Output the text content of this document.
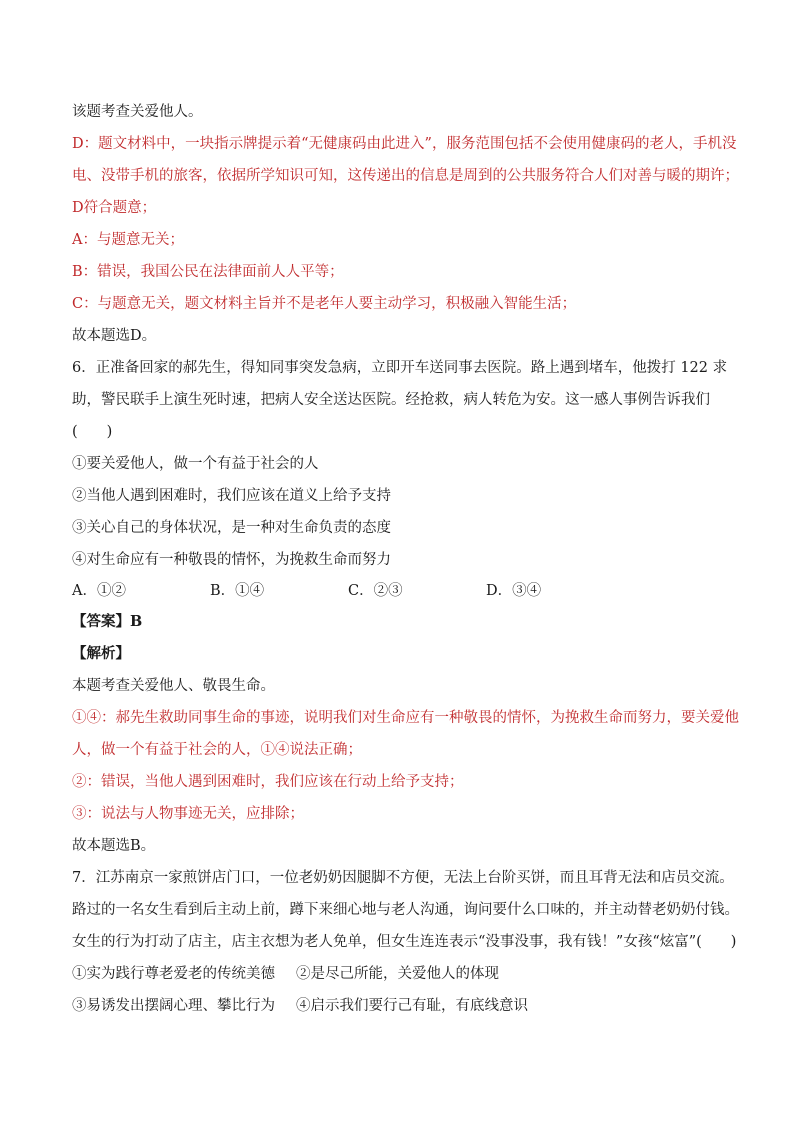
该题考查关爱他人。
D：题文材料中，一块指示牌提示着“无健康码由此进入”，服务范围包括不会使用健康码的老人，手机没
电、没带手机的旅客，依据所学知识可知，这传递出的信息是周到的公共服务符合人们对善与暖的期许；
D符合题意；
A：与题意无关；
B：错误，我国公民在法律面前人人平等；
C：与题意无关，题文材料主旨并不是老年人要主动学习，积极融入智能生活；
故本题选D。
6．正准备回家的郝先生，得知同事突发急病，立即开车送同事去医院。路上遇到堵车，他拨打 122 求
助，警民联手上演生死时速，把病人安全送达医院。经抢救，病人转危为安。这一感人事例告诉我们
(　　)
①要关爱他人，做一个有益于社会的人
②当他人遇到困难时，我们应该在道义上给予支持
③关心自己的身体状况，是一种对生命负责的态度
④对生命应有一种敬畏的情怀，为挽救生命而努力
A．①②	B．①④	C．②③	D．③④
【答案】B
【解析】
本题考查关爱他人、敬畏生命。
①④：郝先生救助同事生命的事迹，说明我们对生命应有一种敬畏的情怀，为挽救生命而努力，要关爱他
人，做一个有益于社会的人，①④说法正确；
②：错误，当他人遇到困难时，我们应该在行动上给予支持；
③：说法与人物事迹无关，应排除；
故本题选B。
7．江苏南京一家煎饼店门口，一位老奶奶因腿脚不方便，无法上台阶买饼，而且耳背无法和店员交流。
路过的一名女生看到后主动上前，蹲下来细心地与老人沟通，询问要什么口味的，并主动替老奶奶付钱。
女生的行为打动了店主，店主衣想为老人免单，但女生连连表示“没事没事，我有钱！”女孩“炫富”(　　)
①实为践行尊老爱老的传统美德 ②是尽己所能，关爱他人的体现
③易诱发出摆阔心理、攀比行为 ④启示我们要行己有耻，有底线意识
